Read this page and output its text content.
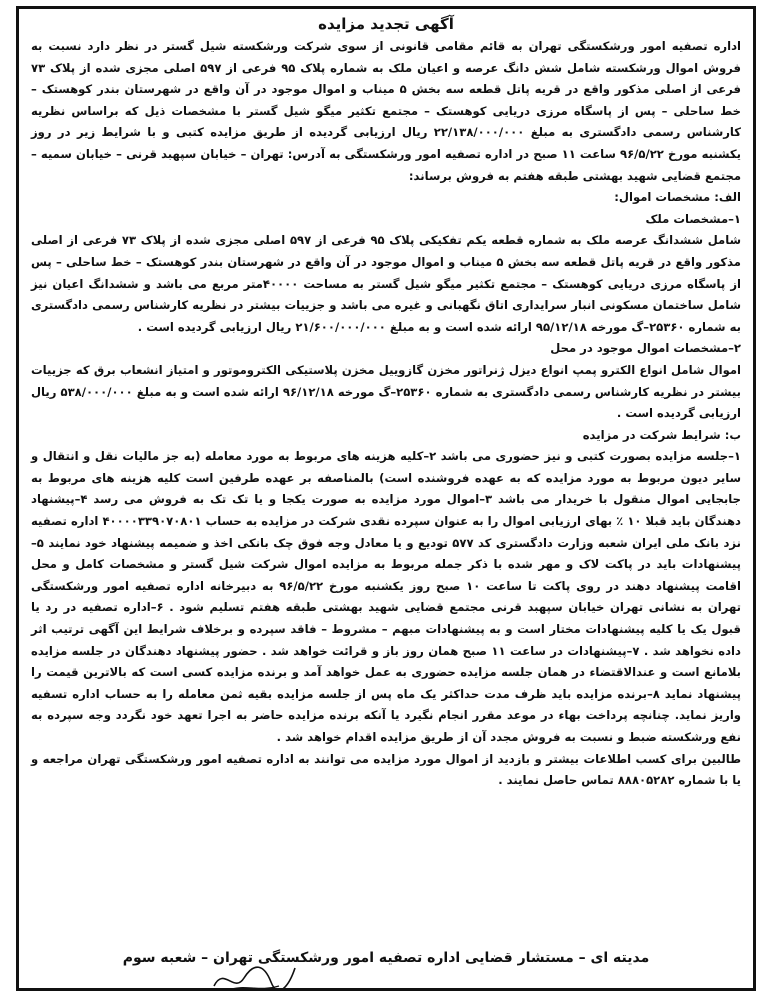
آگهی تجدید مزایده

اداره تصفیه امور ورشکستگی تهران به قائم مقامی قانونی از سوی شرکت ورشکسته شیل گستر در نظر دارد نسبت به فروش اموال ورشکسته شامل شش دانگ عرصه و اعیان ملک به شماره پلاک ۹۵ فرعی از ۵۹۷ اصلی مجزی شده از پلاک ۷۳ فرعی از اصلی مذکور واقع در قریه پاتل قطعه سه بخش ۵ میناب و اموال موجود در آن واقع در شهرستان بندر کوهستک – خط ساحلی – پس از پاسگاه مرزی دریایی کوهستک – مجتمع تکثیر میگو شیل گستر با مشخصات ذیل که براساس نظریه کارشناس رسمی دادگستری به مبلغ ۲۲/۱۳۸/۰۰۰/۰۰۰ ریال ارزیابی گردیده از طریق مزایده کتبی و با شرایط زیر در روز یکشنبه مورخ ۹۶/۵/۲۲ ساعت ۱۱ صبح در اداره تصفیه امور ورشکستگی به آدرس: تهران – خیابان سپهبد قرنی – خیابان سمیه – مجتمع قضایی شهید بهشتی طبقه هفتم به فروش برساند:

الف: مشخصات اموال:

۱–مشخصات ملک

شامل ششدانگ عرصه ملک به شماره قطعه یکم تفکیکی پلاک ۹۵ فرعی از ۵۹۷ اصلی مجزی شده از پلاک ۷۳ فرعی از اصلی مذکور واقع در قریه پاتل قطعه سه بخش ۵ میناب و اموال موجود در آن واقع در شهرستان بندر کوهستک – خط ساحلی – پس از پاسگاه مرزی دریایی کوهستک – مجتمع تکثیر میگو شیل گستر به مساحت ۴۰۰۰۰متر مربع می باشد و ششدانگ اعیان نیز شامل ساختمان مسکونی انبار سرایداری اتاق نگهبانی و غیره می باشد و جزییات بیشتر در نظریه کارشناس رسمی دادگستری به شماره ۲۵۳۶۰–گ مورخه ۹۵/۱۲/۱۸ ارائه شده است و به مبلغ ۲۱/۶۰۰/۰۰۰/۰۰۰ ریال ارزیابی گردیده است .

۲–مشخصات اموال موجود در محل

اموال شامل انواع الکترو پمپ انواع دیزل ژنراتور مخزن گازوییل مخزن پلاستیکی الکتروموتور و امتیاز انشعاب برق که جزییات بیشتر در نظریه کارشناس رسمی دادگستری به شماره ۲۵۳۶۰–گ مورخه ۹۶/۱۲/۱۸ ارائه شده است و به مبلغ ۵۳۸/۰۰۰/۰۰۰ ریال ارزیابی گردیده است .

ب: شرایط شرکت در مزایده

۱–جلسه مزایده بصورت کتبی و نیز حضوری می باشد ۲–کلیه هزینه های مربوط به مورد معامله (به جز مالیات نقل و انتقال و سایر دیون مربوط به مورد مزایده که به عهده فروشنده است) بالمناصفه بر عهده طرفین است کلیه هزینه های مربوط به جابجایی اموال منقول با خریدار می باشد ۳–اموال مورد مزایده به صورت یکجا و یا تک تک به فروش می رسد ۴–پیشنهاد دهندگان باید قبلا ۱۰ ٪ بهای ارزیابی اموال را به عنوان سپرده نقدی شرکت در مزایده به حساب ۴۰۰۰۰۳۳۹۰۷۰۸۰۱ اداره تصفیه نزد بانک ملی ایران شعبه وزارت دادگستری کد ۵۷۷ تودیع و یا معادل وجه فوق چک بانکی اخذ و ضمیمه پیشنهاد خود نمایند ۵–پیشنهادات باید در پاکت لاک و مهر شده با ذکر جمله مربوط به مزایده اموال شرکت شیل گستر و مشخصات کامل و محل اقامت پیشنهاد دهند در روی پاکت تا ساعت ۱۰ صبح روز یکشنبه مورخ ۹۶/۵/۲۲ به دبیرخانه اداره تصفیه امور ورشکستگی تهران به نشانی تهران خیابان سپهبد قرنی مجتمع قضایی شهید بهشتی طبقه هفتم تسلیم شود . ۶–اداره تصفیه در رد یا قبول یک یا کلیه پیشنهادات مختار است و به پیشنهادات مبهم – مشروط – فاقد سپرده و برخلاف شرایط این آگهی ترتیب اثر داده نخواهد شد . ۷–پیشنهادات در ساعت ۱۱ صبح همان روز باز و قرائت خواهد شد . حضور پیشنهاد دهندگان در جلسه مزایده بلامانع است و عندالاقتضاء در همان جلسه مزایده حضوری به عمل خواهد آمد و برنده مزایده کسی است که بالاترین قیمت را پیشنهاد نماید ۸–برنده مزایده باید ظرف مدت حداکثر یک ماه پس از جلسه مزایده بقیه ثمن معامله را به حساب اداره تسفیه واریز نماید. چنانچه پرداخت بهاء در موعد مقرر انجام نگیرد یا آنکه برنده مزایده حاضر به اجرا تعهد خود نگردد وجه سپرده به نفع ورشکسته ضبط و نسبت به فروش مجدد آن از طریق مزایده اقدام خواهد شد .

طالبین برای کسب اطلاعات بیشتر و بازدید از اموال مورد مزایده می توانند به اداره تصفیه امور ورشکستگی تهران مراجعه و یا با شماره ۸۸۸۰۵۲۸۲ تماس حاصل نمایند .

مدیته ای – مستشار قضایی اداره تصفیه امور ورشکستگی تهران – شعبه سوم
